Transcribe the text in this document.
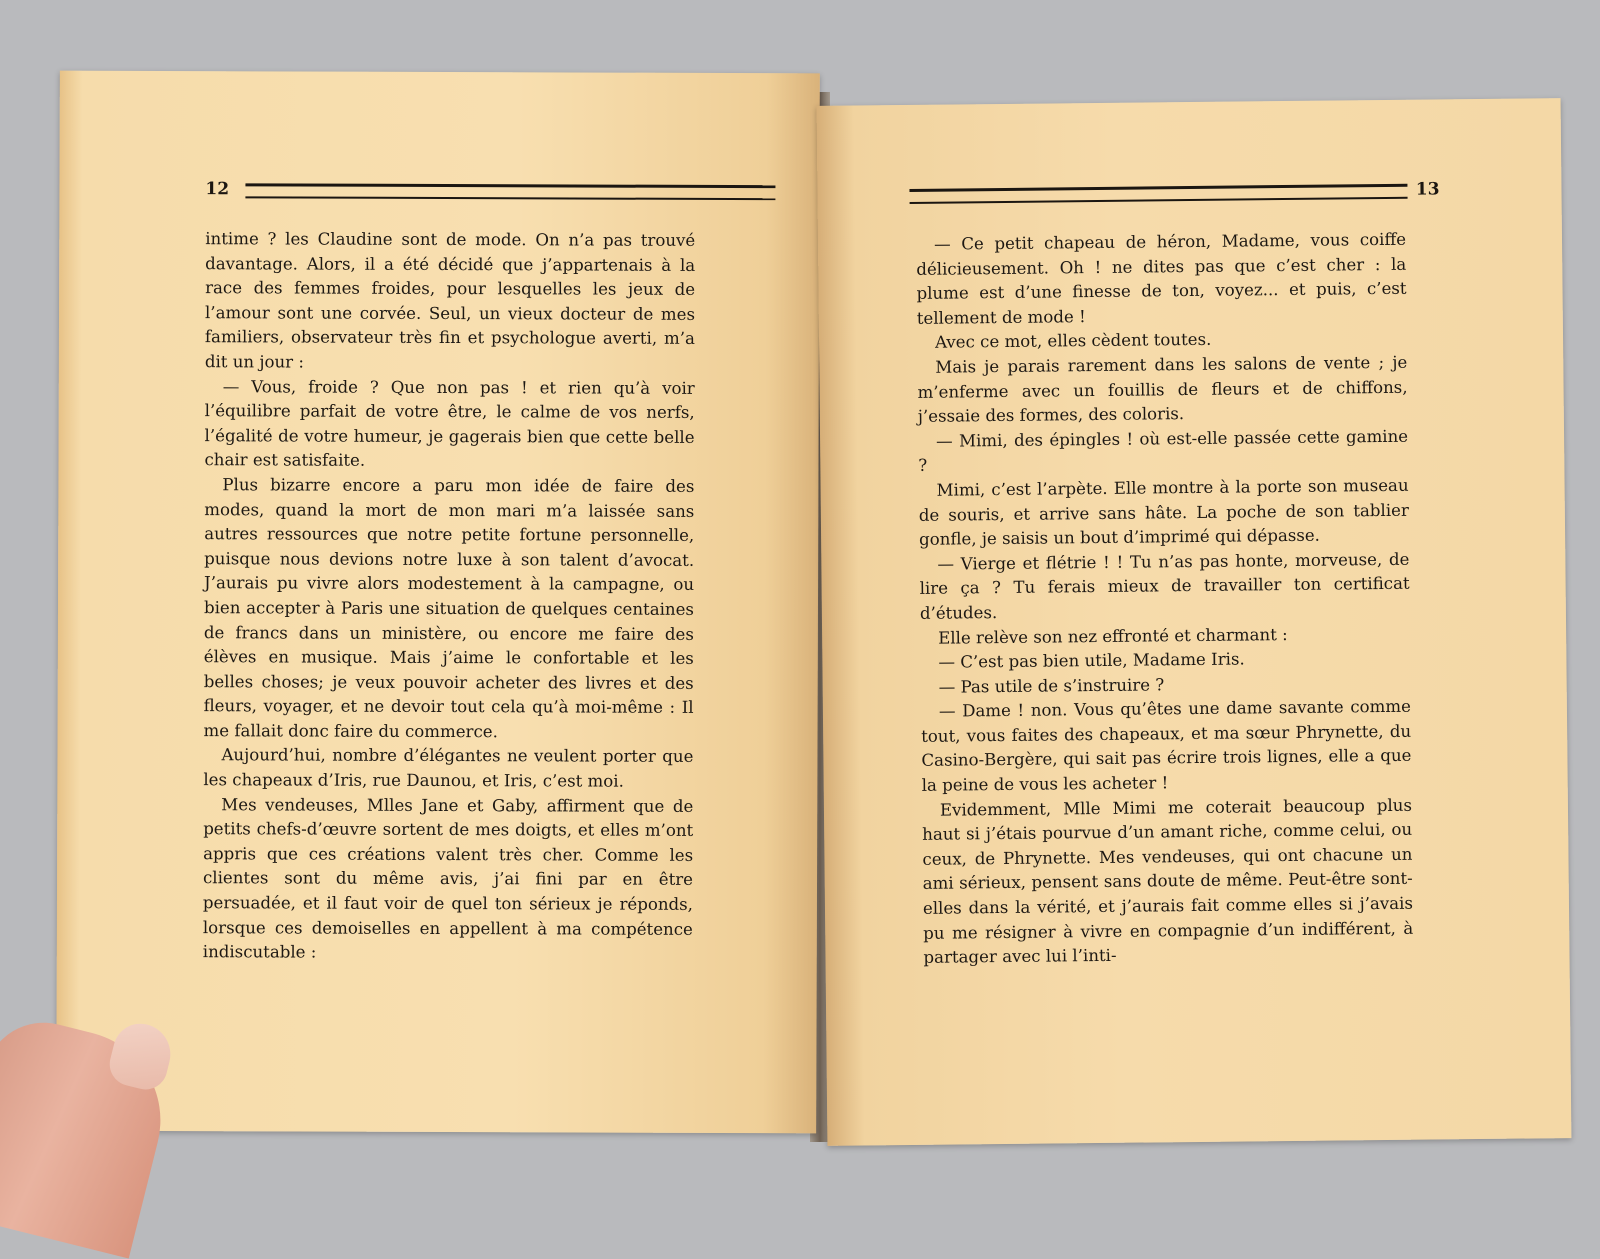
12

intime ? les Claudine sont de mode. On n’a pas trouvé davantage. Alors, il a été décidé que j’appartenais à la race des femmes froides, pour lesquelles les jeux de l’amour sont une corvée. Seul, un vieux docteur de mes familiers, observateur très fin et psychologue averti, m’a dit un jour :

— Vous, froide ? Que non pas ! et rien qu’à voir l’équilibre parfait de votre être, le calme de vos nerfs, l’égalité de votre humeur, je gagerais bien que cette belle chair est satisfaite.

Plus bizarre encore a paru mon idée de faire des modes, quand la mort de mon mari m’a laissée sans autres ressources que notre petite fortune personnelle, puisque nous devions notre luxe à son talent d’avocat. J’aurais pu vivre alors modestement à la campagne, ou bien accepter à Paris une situation de quelques centaines de francs dans un ministère, ou encore me faire des élèves en musique. Mais j’aime le confortable et les belles choses; je veux pouvoir acheter des livres et des fleurs, voyager, et ne devoir tout cela qu’à moi-même : Il me fallait donc faire du commerce.

Aujourd’hui, nombre d’élégantes ne veulent porter que les chapeaux d’Iris, rue Daunou, et Iris, c’est moi.

Mes vendeuses, Mlles Jane et Gaby, affirment que de petits chefs-d’œuvre sortent de mes doigts, et elles m’ont appris que ces créations valent très cher. Comme les clientes sont du même avis, j’ai fini par en être persuadée, et il faut voir de quel ton sérieux je réponds, lorsque ces demoiselles en appellent à ma compétence indiscutable :

13

— Ce petit chapeau de héron, Madame, vous coiffe délicieusement. Oh ! ne dites pas que c’est cher : la plume est d’une finesse de ton, voyez... et puis, c’est tellement de mode !

Avec ce mot, elles cèdent toutes.

Mais je parais rarement dans les salons de vente ; je m’enferme avec un fouillis de fleurs et de chiffons, j’essaie des formes, des coloris.

— Mimi, des épingles ! où est-elle passée cette gamine ?

Mimi, c’est l’arpète. Elle montre à la porte son museau de souris, et arrive sans hâte. La poche de son tablier gonfle, je saisis un bout d’imprimé qui dépasse.

— Vierge et flétrie ! ! Tu n’as pas honte, morveuse, de lire ça ? Tu ferais mieux de travailler ton certificat d’études.

Elle relève son nez effronté et charmant :

— C’est pas bien utile, Madame Iris.

— Pas utile de s’instruire ?

— Dame ! non. Vous qu’êtes une dame savante comme tout, vous faites des chapeaux, et ma sœur Phrynette, du Casino-Bergère, qui sait pas écrire trois lignes, elle a que la peine de vous les acheter !

Evidemment, Mlle Mimi me coterait beaucoup plus haut si j’étais pourvue d’un amant riche, comme celui, ou ceux, de Phrynette. Mes vendeuses, qui ont chacune un ami sérieux, pensent sans doute de même. Peut-être sont-elles dans la vérité, et j’aurais fait comme elles si j’avais pu me résigner à vivre en compagnie d’un indifférent, à partager avec lui l’inti-
